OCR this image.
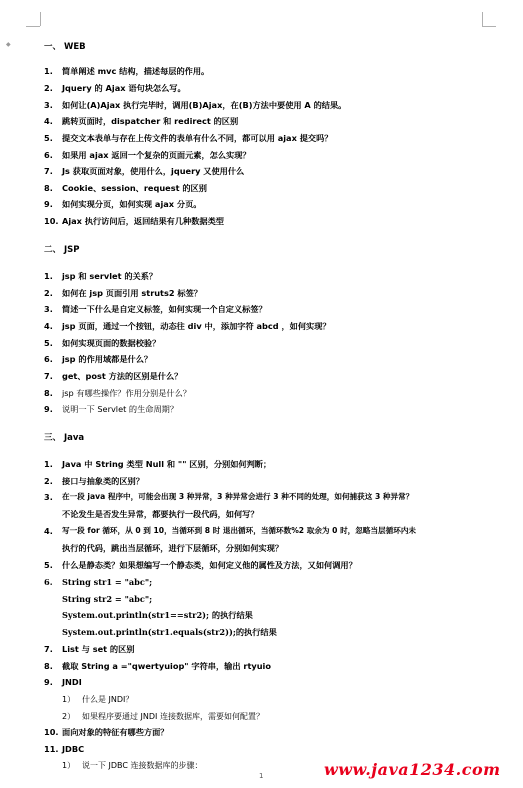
◆	一、 WEB
1. 简单阐述 mvc 结构，描述每层的作用。
2. Jquery 的 Ajax 语句块怎么写。
3. 如何让(A)Ajax 执行完毕时，调用(B)Ajax，在(B)方法中要使用 A 的结果。
4. 跳转页面时，dispatcher 和 redirect 的区别
5. 提交文本表单与存在上传文件的表单有什么不同，都可以用 ajax 提交吗？
6. 如果用 ajax 返回一个复杂的页面元素，怎么实现？
7. Js 获取页面对象，使用什么，jquery 又使用什么
8. Cookie、session、request 的区别
9. 如何实现分页，如何实现 ajax 分页。
10. Ajax 执行访问后，返回结果有几种数据类型
二、 JSP
1. jsp 和 servlet 的关系？
2. 如何在 jsp 页面引用 struts2 标签？
3. 简述一下什么是自定义标签，如何实现一个自定义标签？
4. jsp 页面，通过一个按钮，动态往 div 中，添加字符 abcd ，如何实现？
5. 如何实现页面的数据校验？
6. jsp 的作用域都是什么？
7. get、post 方法的区别是什么？
8. jsp 有哪些操作？作用分别是什么？
9. 说明一下 Servlet 的生命周期？
三、 Java
1. Java 中 String 类型 Null 和 "" 区别，分别如何判断；
2. 接口与抽象类的区别？
3. 在一段 java 程序中，可能会出现 3 种异常，3 种异常会进行 3 种不同的处理，如何捕获这 3 种异常？
不论发生是否发生异常，都要执行一段代码，如何写？
4. 写一段 for 循环，从 0 到 10，当循环到 8 时 退出循环，当循环数%2 取余为 0 时，忽略当层循环内未
执行的代码，跳出当层循环，进行下层循环，分别如何实现？
5. 什么是静态类？如果想编写一个静态类，如何定义他的属性及方法，又如何调用？
6. String str1 = "abc";
String str2 = "abc";
System.out.println(str1==str2); 的执行结果
System.out.println(str1.equals(str2));的执行结果
7. List 与 set 的区别
8. 截取 String a ="qwertyuiop" 字符串，输出 rtyuio
9. JNDI
1） 什么是 JNDI？
2） 如果程序要通过 JNDI 连接数据库，需要如何配置？
10. 面向对象的特征有哪些方面？
11. JDBC
1） 说一下 JDBC 连接数据库的步骤：
1	www.java1234.com
